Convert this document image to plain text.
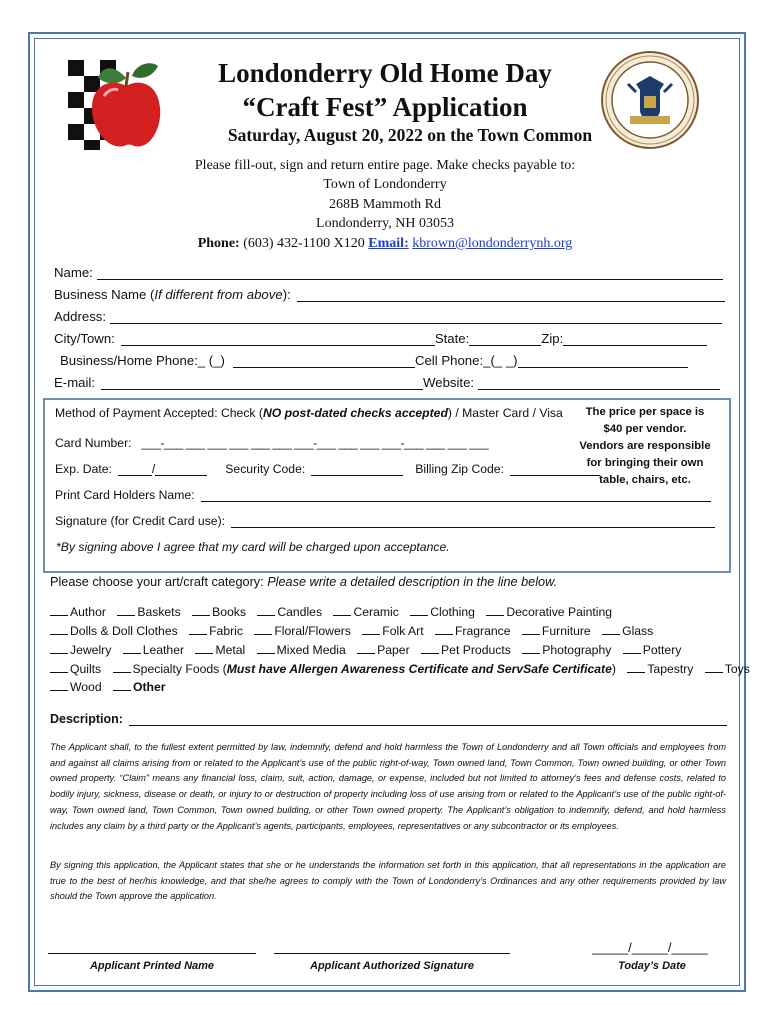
Londonderry Old Home Day
“Craft Fest” Application
Saturday, August 20, 2022 on the Town Common
Please fill-out, sign and return entire page. Make checks payable to:
Town of Londonderry
268B Mammoth Rd
Londonderry, NH 03053
Phone: (603) 432-1100 X120 Email: kbrown@londonderrynh.org
Name:
Business Name ( If different from above ):
Address:
City/Town:	State:	Zip:
Business/Home Phone:_ (_)	Cell Phone:_(_ _)
E-mail:	Website:
Method of Payment Accepted: Check ( NO post-dated checks accepted ) / Master Card / Visa
Card Number: ___-___ ___ ___ ___ ___ ___ ___-___ ___ ___ ___-___ ___ ___ ___
Exp. Date:	/	Security Code:	Billing Zip Code:
Print Card Holders Name:
Signature (for Credit Card use):
*By signing above I agree that my card will be charged upon acceptance.
The price per space is
$40 per vendor.
Vendors are responsible
for bringing their own
table, chairs, etc.
Please choose your art/craft category: Please write a detailed description in the line below.
Author	Baskets	Books	Candles	Ceramic	Clothing	Decorative Painting
Dolls & Doll Clothes	Fabric	Floral/Flowers	Folk Art	Fragrance	Furniture	Glass
Jewelry	Leather	Metal	Mixed Media	Paper	Pet Products	Photography	Pottery
Quilts	Specialty Foods (Must have Allergen Awareness Certificate and ServSafe Certificate)	Tapestry	Toys
Wood	Other
Description:
The Applicant shall, to the fullest extent permitted by law, indemnify, defend and hold harmless the Town of Londonderry and all Town officials and employees from and against all claims arising from or related to the Applicant’s use of the public right-of-way, Town owned land, Town Common, Town owned building, or other Town owned property. “Claim” means any financial loss, claim, suit, action, damage, or expense, included but not limited to attorney’s fees and defense costs, related to bodily injury, sickness, disease or death, or injury to or destruction of property including loss of use arising from or related to the Applicant’s use of the public right-of-way, Town owned land, Town Common, Town owned building, or other Town owned property. The Applicant’s obligation to indemnify, defend, and hold harmless includes any claim by a third party or the Applicant’s agents, participants, employees, representatives or any subcontractor or its employees.
By signing this application, the Applicant states that she or he understands the information set forth in this application, that all representations in the application are true to the best of her/his knowledge, and that she/he agrees to comply with the Town of Londonderry’s Ordinances and any other requirements provided by law should the Town approve the application.
Applicant Printed Name	Applicant Authorized Signature
_____/_____/_____
Today’s Date
